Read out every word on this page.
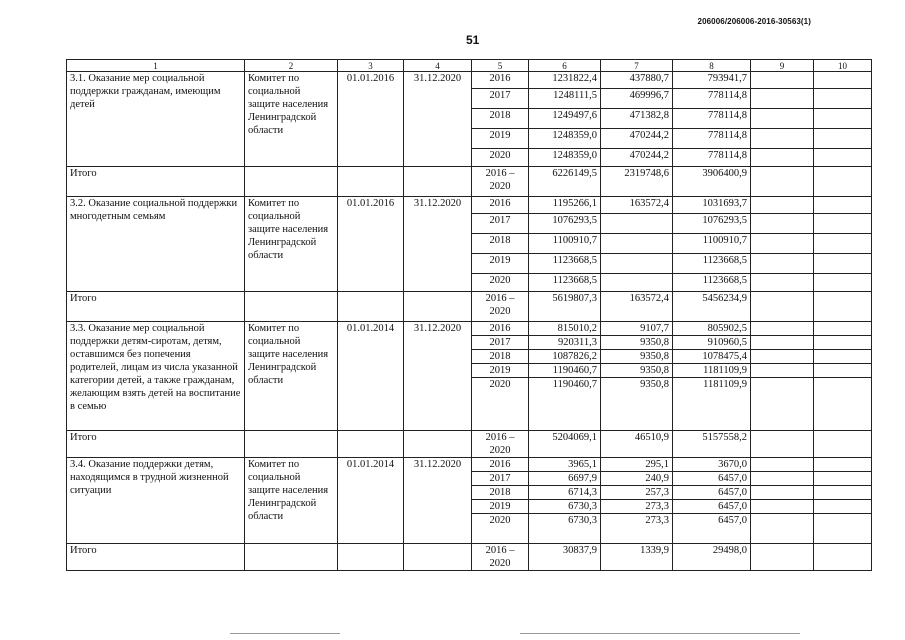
206006/206006-2016-30563(1)
51
1	2	3	4	5	6	7	8	9	10
3.1. Оказание мер социальной поддержки гражданам, имеющим детей	Комитет по социальной защите населения Ленинградской области	01.01.2016	31.12.2020	2016	1231822,4	437880,7	793941,7		
				2017	1248111,5	469996,7	778114,8		
				2018	1249497,6	471382,8	778114,8		
				2019	1248359,0	470244,2	778114,8		
				2020	1248359,0	470244,2	778114,8		
Итого				2016 – 2020	6226149,5	2319748,6	3906400,9		
3.2. Оказание социальной поддержки многодетным семьям	Комитет по социальной защите населения Ленинградской области	01.01.2016	31.12.2020	2016	1195266,1	163572,4	1031693,7		
				2017	1076293,5		1076293,5		
				2018	1100910,7		1100910,7		
				2019	1123668,5		1123668,5		
				2020	1123668,5		1123668,5		
Итого				2016 – 2020	5619807,3	163572,4	5456234,9		
3.3. Оказание мер социальной поддержки детям-сиротам, детям, оставшимся без попечения родителей, лицам из числа указанной категории детей, а также гражданам, желающим взять детей на воспитание в семью	Комитет по социальной защите населения Ленинградской области	01.01.2014	31.12.2020	2016	815010,2	9107,7	805902,5		
				2017	920311,3	9350,8	910960,5		
				2018	1087826,2	9350,8	1078475,4		
				2019	1190460,7	9350,8	1181109,9		
				2020	1190460,7	9350,8	1181109,9		
Итого				2016 – 2020	5204069,1	46510,9	5157558,2		
3.4. Оказание поддержки детям, находящимся в трудной жизненной ситуации	Комитет по социальной защите населения Ленинградской области	01.01.2014	31.12.2020	2016	3965,1	295,1	3670,0		
				2017	6697,9	240,9	6457,0		
				2018	6714,3	257,3	6457,0		
				2019	6730,3	273,3	6457,0		
				2020	6730,3	273,3	6457,0		
Итого				2016 – 2020	30837,9	1339,9	29498,0		
